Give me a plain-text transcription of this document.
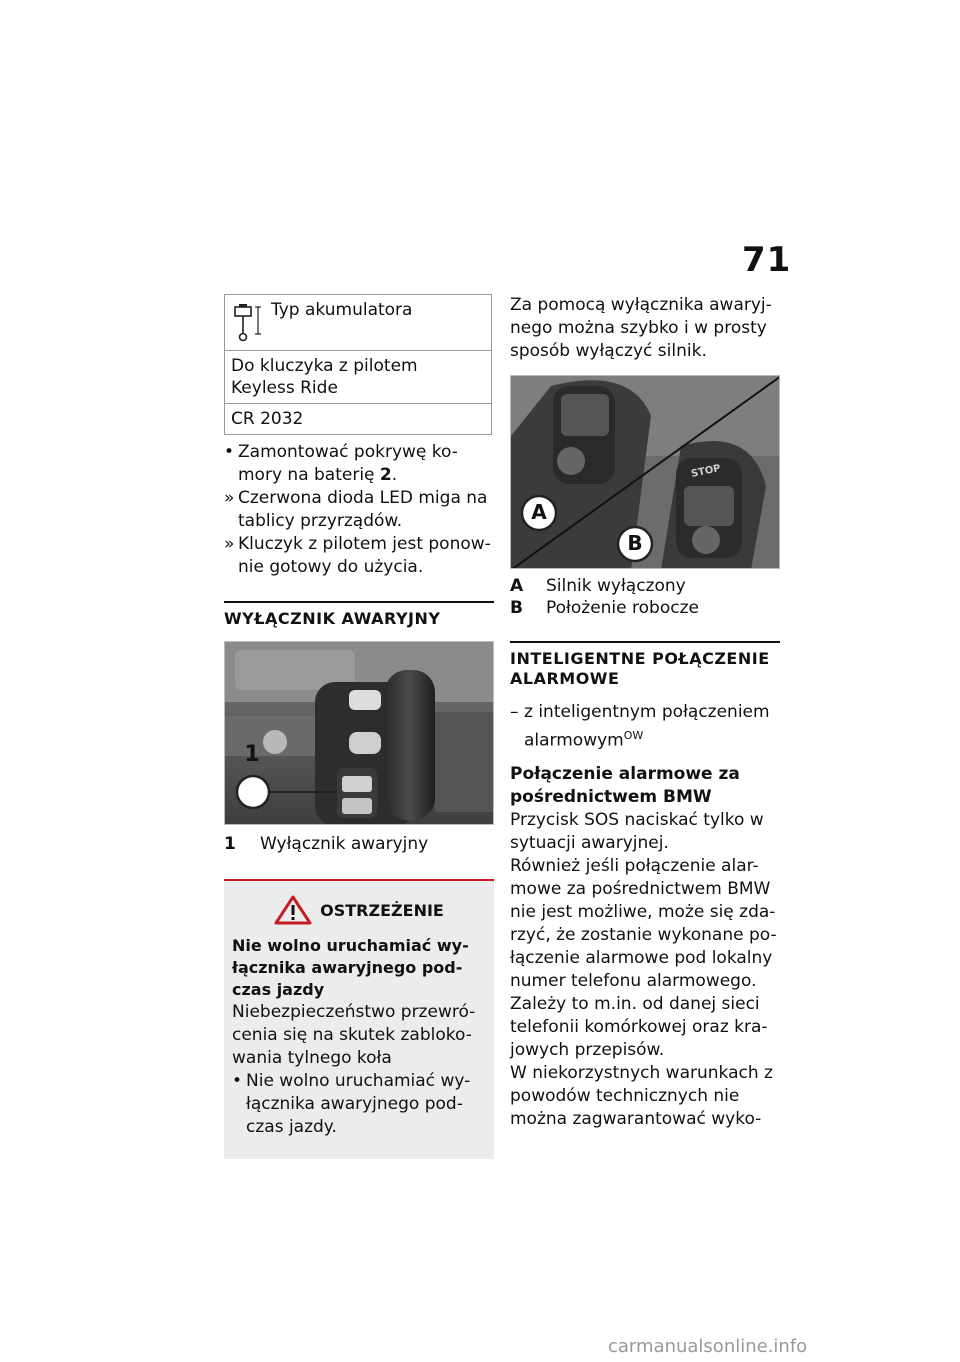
71
Typ akumulatora
Do kluczyka z pilotem Keyless Ride
CR 2032
• Zamontować pokrywę ko-mory na baterię 2.
» Czerwona dioda LED miga na tablicy przyrządów.
» Kluczyk z pilotem jest ponow-nie gotowy do użycia.
WYŁĄCZNIK AWARYJNY
1
1	Wyłącznik awaryjny
OSTRZEŻENIE
Nie wolno uruchamiać wy-łącznika awaryjnego pod-czas jazdy
Niebezpieczeństwo przewró-cenia się na skutek zabloko-wania tylnego koła
• Nie wolno uruchamiać wy-łącznika awaryjnego pod-czas jazdy.
Za pomocą wyłącznika awaryj-nego można szybko i w prosty sposób wyłączyć silnik.
A
B
STOP
A	Silnik wyłączony
B	Położenie robocze
INTELIGENTNE POŁĄCZENIE ALARMOWE
– z inteligentnym połączeniem alarmowym$^{OW}$
Połączenie alarmowe za pośrednictwem BMW
Przycisk SOS naciskać tylko w sytuacji awaryjnej.
Również jeśli połączenie alar-mowe za pośrednictwem BMW nie jest możliwe, może się zda-rzyć, że zostanie wykonane po-łączenie alarmowe pod lokalny numer telefonu alarmowego. Zależy to m.in. od danej sieci telefonii komórkowej oraz kra-jowych przepisów.
W niekorzystnych warunkach z powodów technicznych nie można zagwarantować wyko-
carmanualsonline.info
